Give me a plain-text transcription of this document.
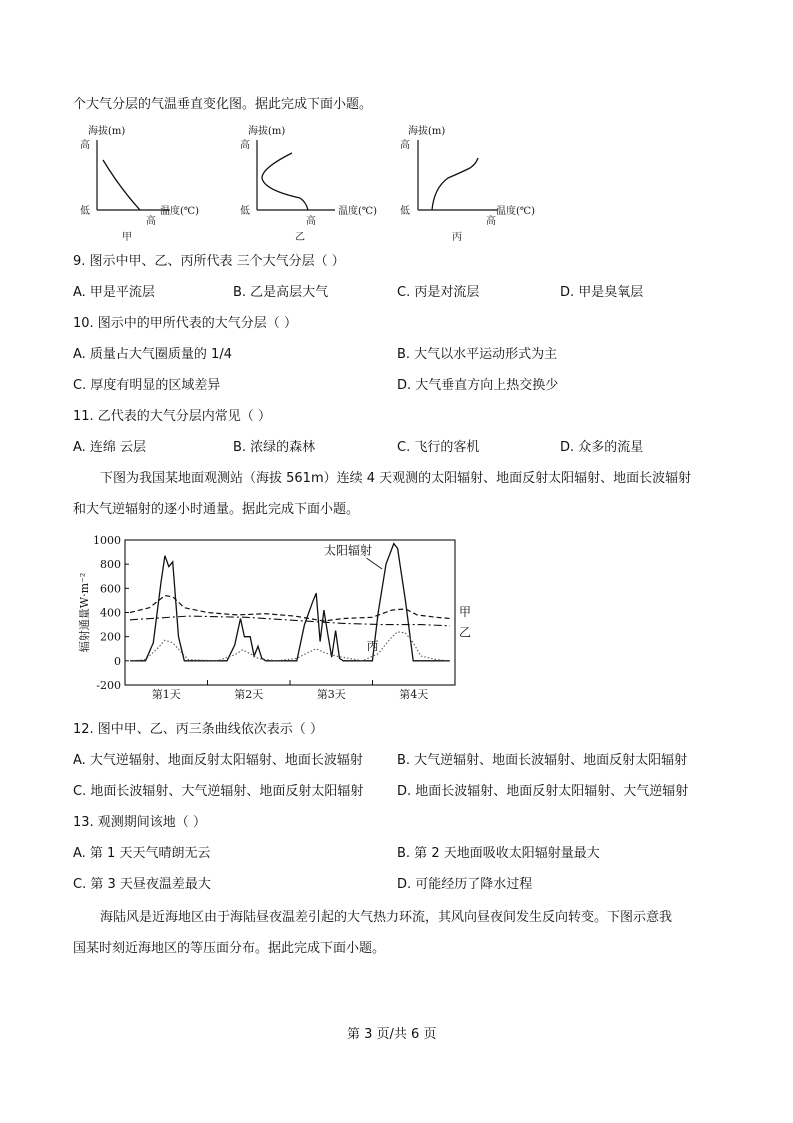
个大气分层的气温垂直变化图。据此完成下面小题。
海拔(m)
高
低
高
温度(℃)
甲
海拔(m)
高
低
高
温度(℃)
乙
海拔(m)
高
低
高
温度(℃)
丙
9. 图示中甲、乙、丙所代表 三个大气分层（ ）
A. 甲是平流层	B. 乙是高层大气	C. 丙是对流层	D. 甲是臭氧层
10. 图示中的甲所代表的大气分层（ ）
A. 质量占大气圈质量的 1/4	B. 大气以水平运动形式为主
C. 厚度有明显的区域差异	D. 大气垂直方向上热交换少
11. 乙代表的大气分层内常见（ ）
A. 连绵 云层	B. 浓绿的森林	C. 飞行的客机	D. 众多的流星
下图为我国某地面观测站（海拔 561m）连续 4 天观测的太阳辐射、地面反射太阳辐射、地面长波辐射
和大气逆辐射的逐小时通量。据此完成下面小题。
1000
800
600
400
200
0
-200
第1天	第2天	第3天	第4天
辐射通量W·m⁻²
太阳辐射
甲
乙
丙
12. 图中甲、乙、丙三条曲线依次表示（ ）
A. 大气逆辐射、地面反射太阳辐射、地面长波辐射	B. 大气逆辐射、地面长波辐射、地面反射太阳辐射
C. 地面长波辐射、大气逆辐射、地面反射太阳辐射	D. 地面长波辐射、地面反射太阳辐射、大气逆辐射
13. 观测期间该地（ ）
A. 第 1 天天气晴朗无云	B. 第 2 天地面吸收太阳辐射量最大
C. 第 3 天昼夜温差最大	D. 可能经历了降水过程
海陆风是近海地区由于海陆昼夜温差引起的大气热力环流，其风向昼夜间发生反向转变。下图示意我
国某时刻近海地区的等压面分布。据此完成下面小题。
第 3 页/共 6 页
